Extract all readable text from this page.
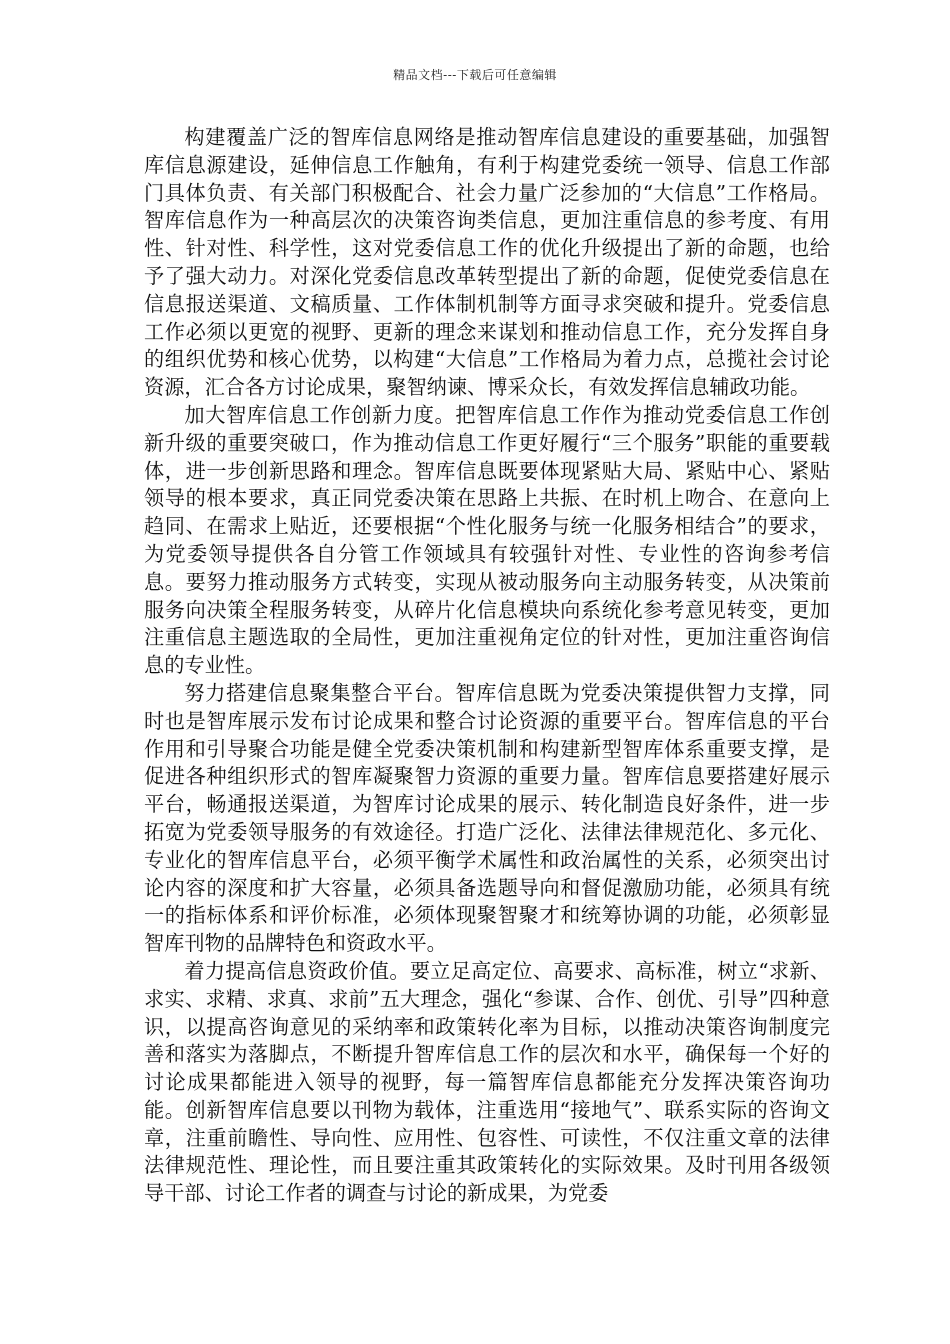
精品文档---下载后可任意编辑

构建覆盖广泛的智库信息网络是推动智库信息建设的重要基础，加强智库信息源建设，延伸信息工作触角，有利于构建党委统一领导、信息工作部门具体负责、有关部门积极配合、社会力量广泛参加的“大信息”工作格局。智库信息作为一种高层次的决策咨询类信息，更加注重信息的参考度、有用性、针对性、科学性，这对党委信息工作的优化升级提出了新的命题，也给予了强大动力。对深化党委信息改革转型提出了新的命题，促使党委信息在信息报送渠道、文稿质量、工作体制机制等方面寻求突破和提升。党委信息工作必须以更宽的视野、更新的理念来谋划和推动信息工作，充分发挥自身的组织优势和核心优势，以构建“大信息”工作格局为着力点，总揽社会讨论资源，汇合各方讨论成果，聚智纳谏、博采众长，有效发挥信息辅政功能。

加大智库信息工作创新力度。把智库信息工作作为推动党委信息工作创新升级的重要突破口，作为推动信息工作更好履行“三个服务”职能的重要载体，进一步创新思路和理念。智库信息既要体现紧贴大局、紧贴中心、紧贴领导的根本要求，真正同党委决策在思路上共振、在时机上吻合、在意向上趋同、在需求上贴近，还要根据“个性化服务与统一化服务相结合”的要求，为党委领导提供各自分管工作领域具有较强针对性、专业性的咨询参考信息。要努力推动服务方式转变，实现从被动服务向主动服务转变，从决策前服务向决策全程服务转变，从碎片化信息模块向系统化参考意见转变，更加注重信息主题选取的全局性，更加注重视角定位的针对性，更加注重咨询信息的专业性。

努力搭建信息聚集整合平台。智库信息既为党委决策提供智力支撑，同时也是智库展示发布讨论成果和整合讨论资源的重要平台。智库信息的平台作用和引导聚合功能是健全党委决策机制和构建新型智库体系重要支撑，是促进各种组织形式的智库凝聚智力资源的重要力量。智库信息要搭建好展示平台，畅通报送渠道，为智库讨论成果的展示、转化制造良好条件，进一步拓宽为党委领导服务的有效途径。打造广泛化、法律法律规范化、多元化、专业化的智库信息平台，必须平衡学术属性和政治属性的关系，必须突出讨论内容的深度和扩大容量，必须具备选题导向和督促激励功能，必须具有统一的指标体系和评价标准，必须体现聚智聚才和统筹协调的功能，必须彰显智库刊物的品牌特色和资政水平。

着力提高信息资政价值。要立足高定位、高要求、高标准，树立“求新、求实、求精、求真、求前”五大理念，强化“参谋、合作、创优、引导”四种意识，以提高咨询意见的采纳率和政策转化率为目标，以推动决策咨询制度完善和落实为落脚点，不断提升智库信息工作的层次和水平，确保每一个好的讨论成果都能进入领导的视野，每一篇智库信息都能充分发挥决策咨询功能。创新智库信息要以刊物为载体，注重选用“接地气”、联系实际的咨询文章，注重前瞻性、导向性、应用性、包容性、可读性，不仅注重文章的法律法律规范性、理论性，而且要注重其政策转化的实际效果。及时刊用各级领导干部、讨论工作者的调查与讨论的新成果，为党委
